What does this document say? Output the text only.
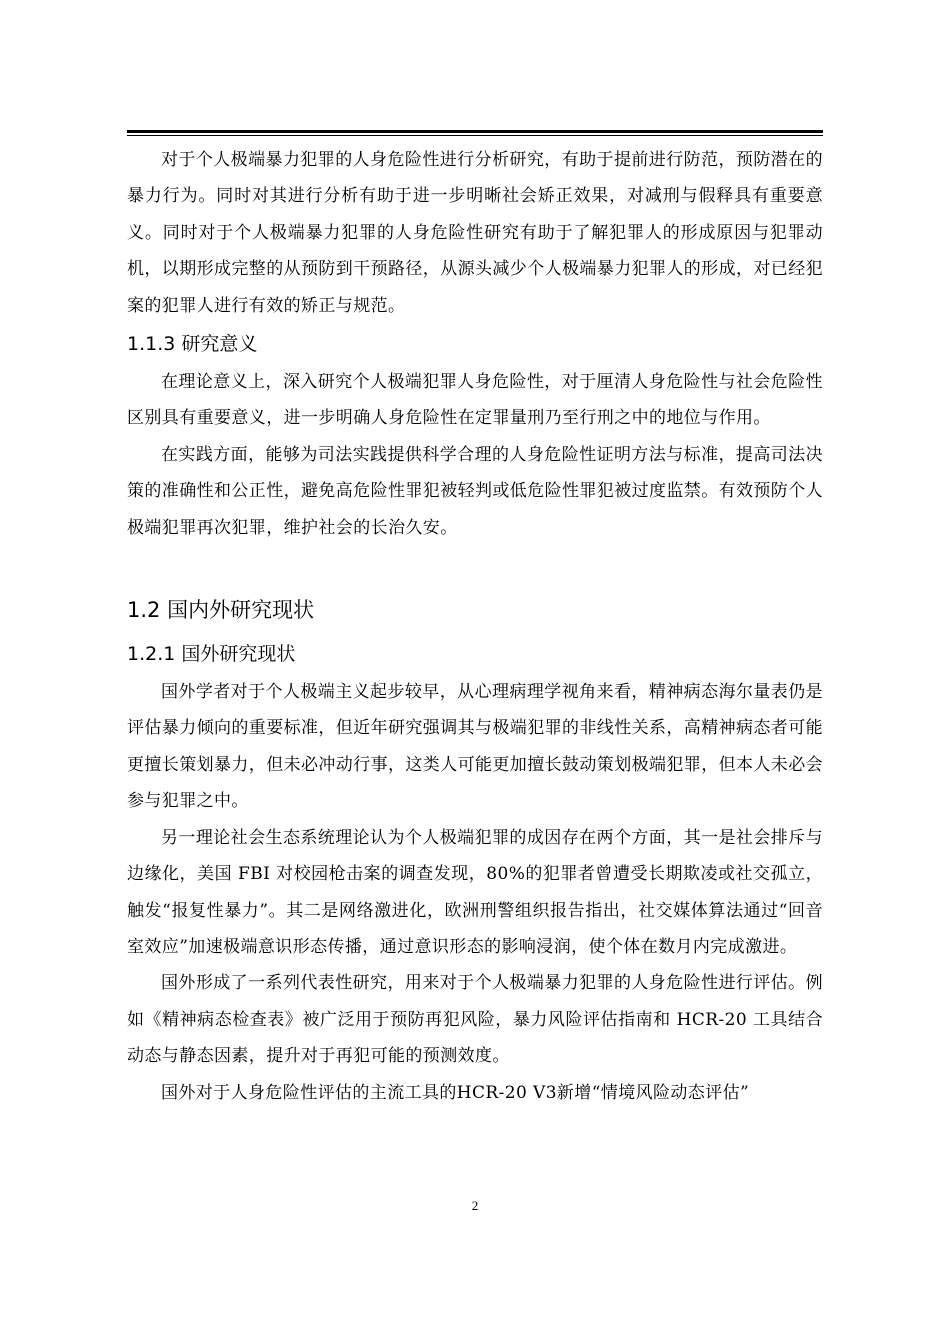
对于个人极端暴力犯罪的人身危险性进行分析研究，有助于提前进行防范，预防潜在的暴力行为。同时对其进行分析有助于进一步明晰社会矫正效果，对减刑与假释具有重要意义。同时对于个人极端暴力犯罪的人身危险性研究有助于了解犯罪人的形成原因与犯罪动机，以期形成完整的从预防到干预路径，从源头减少个人极端暴力犯罪人的形成，对已经犯案的犯罪人进行有效的矫正与规范。

1.1.3 研究意义

在理论意义上，深入研究个人极端犯罪人身危险性，对于厘清人身危险性与社会危险性区别具有重要意义，进一步明确人身危险性在定罪量刑乃至行刑之中的地位与作用。

在实践方面，能够为司法实践提供科学合理的人身危险性证明方法与标准，提高司法决策的准确性和公正性，避免高危险性罪犯被轻判或低危险性罪犯被过度监禁。有效预防个人极端犯罪再次犯罪，维护社会的长治久安。

1.2 国内外研究现状
1.2.1 国外研究现状

国外学者对于个人极端主义起步较早，从心理病理学视角来看，精神病态海尔量表仍是评估暴力倾向的重要标准，但近年研究强调其与极端犯罪的非线性关系，高精神病态者可能更擅长策划暴力，但未必冲动行事，这类人可能更加擅长鼓动策划极端犯罪，但本人未必会参与犯罪之中。

另一理论社会生态系统理论认为个人极端犯罪的成因存在两个方面，其一是社会排斥与边缘化，美国 FBI 对校园枪击案的调查发现，80%的犯罪者曾遭受长期欺凌或社交孤立，触发“报复性暴力”。其二是网络激进化，欧洲刑警组织报告指出，社交媒体算法通过“回音室效应”加速极端意识形态传播，通过意识形态的影响浸润，使个体在数月内完成激进。

国外形成了一系列代表性研究，用来对于个人极端暴力犯罪的人身危险性进行评估。例如《精神病态检查表》被广泛用于预防再犯风险，暴力风险评估指南和 HCR-20 工具结合动态与静态因素，提升对于再犯可能的预测效度。

国外对于人身危险性评估的主流工具的HCR-20 V3新增“情境风险动态评估”

2
